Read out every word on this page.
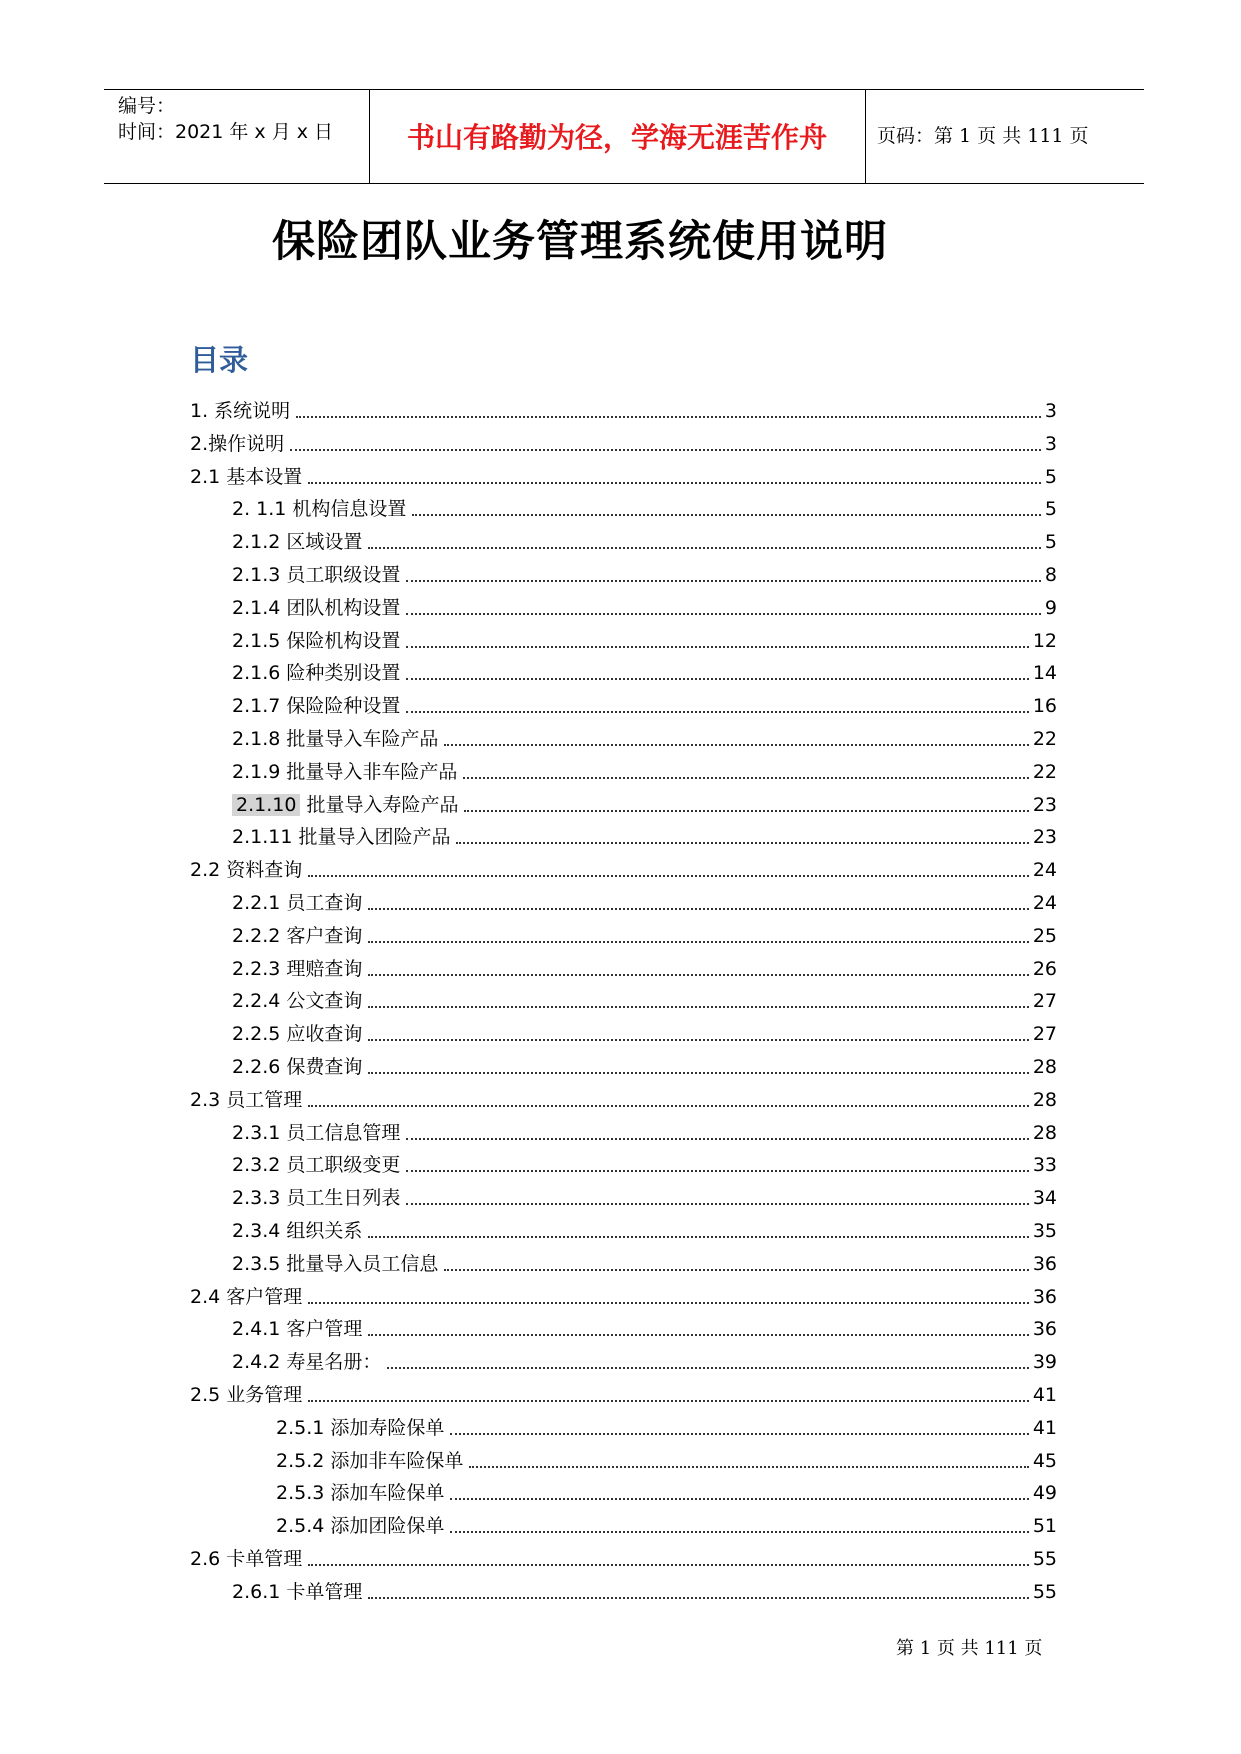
编号：
时间：2021 年 x 月 x 日	书山有路勤为径，学海无涯苦作舟	页码：第 1 页 共 111 页
保险团队业务管理系统使用说明
目录
1. 系统说明	3
2.操作说明	3
2.1 基本设置	5
2. 1.1 机构信息设置	5
2.1.2 区域设置	5
2.1.3 员工职级设置	8
2.1.4 团队机构设置	9
2.1.5 保险机构设置	12
2.1.6 险种类别设置	14
2.1.7 保险险种设置	16
2.1.8 批量导入车险产品	22
2.1.9 批量导入非车险产品	22
2.1.10 批量导入寿险产品	23
2.1.11 批量导入团险产品	23
2.2 资料查询	24
2.2.1 员工查询	24
2.2.2 客户查询	25
2.2.3 理赔查询	26
2.2.4 公文查询	27
2.2.5 应收查询	27
2.2.6 保费查询	28
2.3 员工管理	28
2.3.1 员工信息管理	28
2.3.2 员工职级变更	33
2.3.3 员工生日列表	34
2.3.4 组织关系	35
2.3.5 批量导入员工信息	36
2.4 客户管理	36
2.4.1 客户管理	36
2.4.2 寿星名册：	39
2.5 业务管理	41
2.5.1 添加寿险保单	41
2.5.2 添加非车险保单	45
2.5.3 添加车险保单	49
2.5.4 添加团险保单	51
2.6 卡单管理	55
2.6.1 卡单管理	55
第 1 页 共 111 页
